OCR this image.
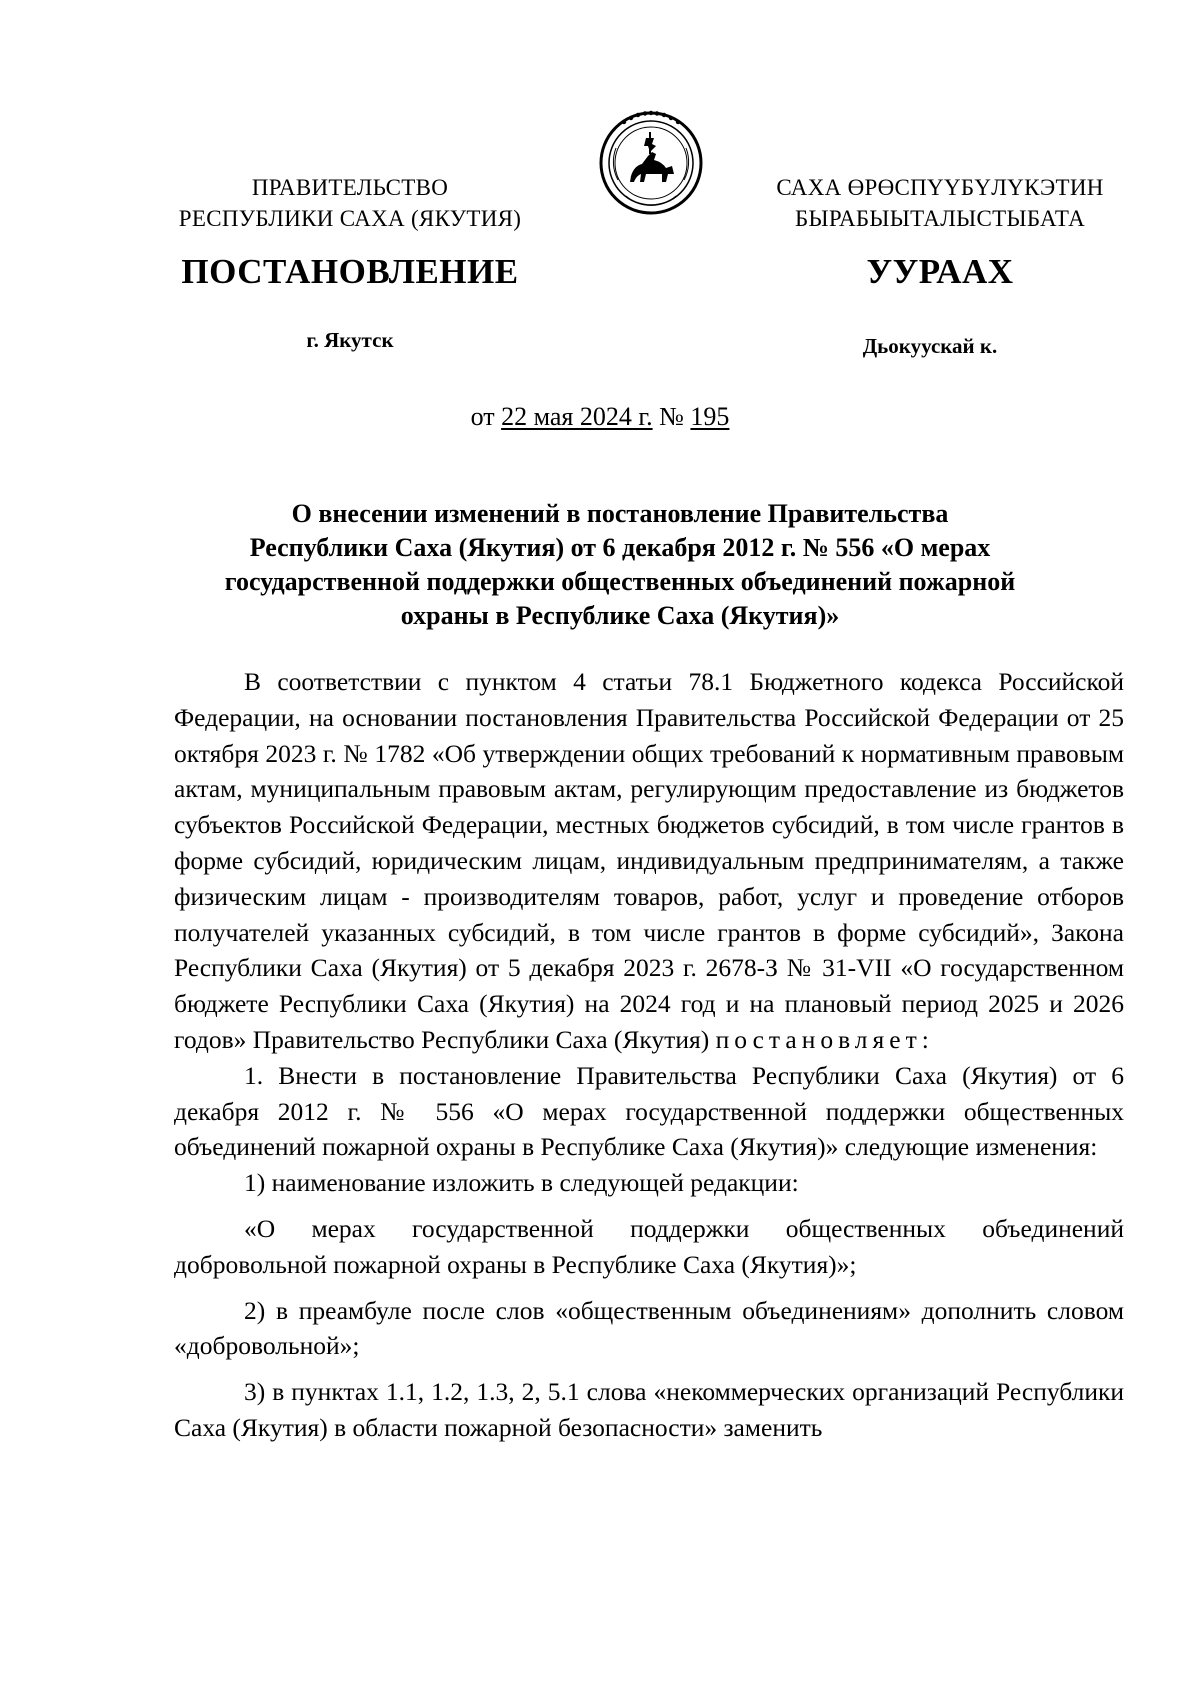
ПРАВИТЕЛЬСТВО
РЕСПУБЛИКИ САХА (ЯКУТИЯ)
САХА ӨРӨСПҮҮБҮЛҮКЭТИН
БЫРАБЫЫТАЛЫСТЫБАТА
ПОСТАНОВЛЕНИЕ	УУРААХ
г. Якутск	Дьокуускай к.
от 22 мая 2024 г. № 195
О внесении изменений в постановление Правительства
Республики Саха (Якутия) от 6 декабря 2012 г. № 556 «О мерах
государственной поддержки общественных объединений пожарной
охраны в Республике Саха (Якутия)»

В соответствии с пунктом 4 статьи 78.1 Бюджетного кодекса Российской Федерации, на основании постановления Правительства Российской Федерации от 25 октября 2023 г. № 1782 «Об утверждении общих требований к нормативным правовым актам, муниципальным правовым актам, регулирующим предоставление из бюджетов субъектов Российской Федерации, местных бюджетов субсидий, в том числе грантов в форме субсидий, юридическим лицам, индивидуальным предпринимателям, а также физическим лицам - производителям товаров, работ, услуг и проведение отборов получателей указанных субсидий, в том числе грантов в форме субсидий», Закона Республики Саха (Якутия) от 5 декабря 2023 г. 2678-З № 31-VII «О государственном бюджете Республики Саха (Якутия) на 2024 год и на плановый период 2025 и 2026 годов» Правительство Республики Саха (Якутия) постановляет:

1. Внести в постановление Правительства Республики Саха (Якутия) от 6 декабря 2012 г. № 556 «О мерах государственной поддержки общественных объединений пожарной охраны в Республике Саха (Якутия)» следующие изменения:

1) наименование изложить в следующей редакции:

«О мерах государственной поддержки общественных объединений добровольной пожарной охраны в Республике Саха (Якутия)»;

2) в преамбуле после слов «общественным объединениям» дополнить словом «добровольной»;

3) в пунктах 1.1, 1.2, 1.3, 2, 5.1 слова «некоммерческих организаций Республики Саха (Якутия) в области пожарной безопасности» заменить
